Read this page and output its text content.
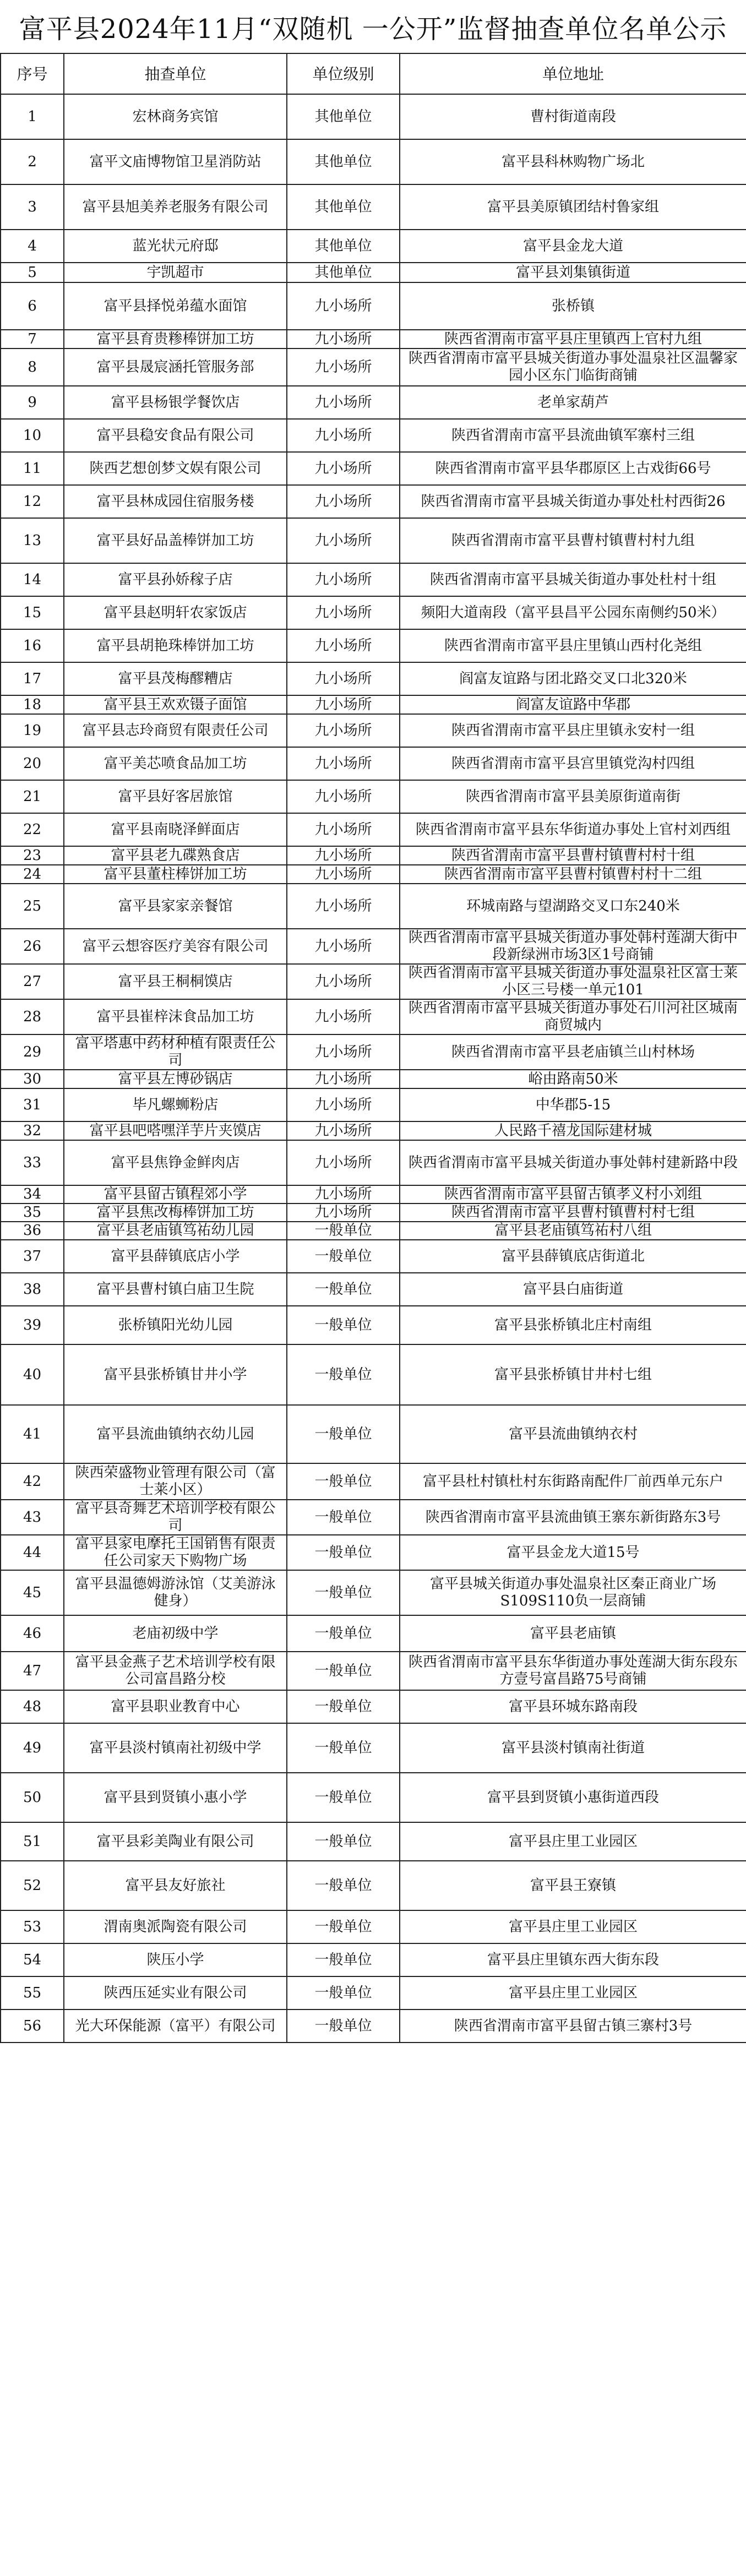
富平县2024年11月“双随机 一公开”监督抽查单位名单公示
序号	抽查单位	单位级别	单位地址
1	宏林商务宾馆	其他单位	曹村街道南段
2	富平文庙博物馆卫星消防站	其他单位	富平县科林购物广场北
3	富平县旭美养老服务有限公司	其他单位	富平县美原镇团结村鲁家组
4	蓝光状元府邸	其他单位	富平县金龙大道
5	宇凯超市	其他单位	富平县刘集镇街道
6	富平县择悦弟蕴水面馆	九小场所	张桥镇
7	富平县育贵糁棒饼加工坊	九小场所	陕西省渭南市富平县庄里镇西上官村九组
8	富平县晟宸涵托管服务部	九小场所	陕西省渭南市富平县城关街道办事处温泉社区温馨家园小区东门临街商铺
9	富平县杨银学餐饮店	九小场所	老单家葫芦
10	富平县稳安食品有限公司	九小场所	陕西省渭南市富平县流曲镇军寨村三组
11	陕西艺想创梦文娱有限公司	九小场所	陕西省渭南市富平县华郡原区上古戏街66号
12	富平县林成园住宿服务楼	九小场所	陕西省渭南市富平县城关街道办事处杜村西街26
13	富平县好品盖棒饼加工坊	九小场所	陕西省渭南市富平县曹村镇曹村村九组
14	富平县孙娇稼子店	九小场所	陕西省渭南市富平县城关街道办事处杜村十组
15	富平县赵明轩农家饭店	九小场所	频阳大道南段（富平县昌平公园东南侧约50米）
16	富平县胡艳珠棒饼加工坊	九小场所	陕西省渭南市富平县庄里镇山西村化尧组
17	富平县茂梅醪糟店	九小场所	阎富友谊路与团北路交叉口北320米
18	富平县王欢欢镊子面馆	九小场所	阎富友谊路中华郡
19	富平县志玲商贸有限责任公司	九小场所	陕西省渭南市富平县庄里镇永安村一组
20	富平美芯喷食品加工坊	九小场所	陕西省渭南市富平县宫里镇党沟村四组
21	富平县好客居旅馆	九小场所	陕西省渭南市富平县美原街道南街
22	富平县南晓泽鲜面店	九小场所	陕西省渭南市富平县东华街道办事处上官村刘西组
23	富平县老九碟熟食店	九小场所	陕西省渭南市富平县曹村镇曹村村十组
24	富平县董柱棒饼加工坊	九小场所	陕西省渭南市富平县曹村镇曹村村十二组
25	富平县家家亲餐馆	九小场所	环城南路与望湖路交叉口东240米
26	富平云想容医疗美容有限公司	九小场所	陕西省渭南市富平县城关街道办事处韩村莲湖大街中段新绿洲市场3区1号商铺
27	富平县王桐桐馍店	九小场所	陕西省渭南市富平县城关街道办事处温泉社区富士莱小区三号楼一单元101
28	富平县崔梓沫食品加工坊	九小场所	陕西省渭南市富平县城关街道办事处石川河社区城南商贸城内
29	富平塔惠中药材种植有限责任公司	九小场所	陕西省渭南市富平县老庙镇兰山村林场
30	富平县左博砂锅店	九小场所	峪由路南50米
31	毕凡螺蛳粉店	九小场所	中华郡5-15
32	富平县吧嗒嘿洋芋片夹馍店	九小场所	人民路千禧龙国际建材城
33	富平县焦铮金鲜肉店	九小场所	陕西省渭南市富平县城关街道办事处韩村建新路中段
34	富平县留古镇程郊小学	九小场所	陕西省渭南市富平县留古镇孝义村小刘组
35	富平县焦改梅棒饼加工坊	九小场所	陕西省渭南市富平县曹村镇曹村村七组
36	富平县老庙镇笃祐幼儿园	一般单位	富平县老庙镇笃祐村八组
37	富平县薛镇底店小学	一般单位	富平县薛镇底店街道北
38	富平县曹村镇白庙卫生院	一般单位	富平县白庙街道
39	张桥镇阳光幼儿园	一般单位	富平县张桥镇北庄村南组
40	富平县张桥镇甘井小学	一般单位	富平县张桥镇甘井村七组
41	富平县流曲镇纳衣幼儿园	一般单位	富平县流曲镇纳衣村
42	陕西荣盛物业管理有限公司（富士莱小区）	一般单位	富平县杜村镇杜村东街路南配件厂前西单元东户
43	富平县奇舞艺术培训学校有限公司	一般单位	陕西省渭南市富平县流曲镇王寨东新街路东3号
44	富平县家电摩托王国销售有限责任公司家天下购物广场	一般单位	富平县金龙大道15号
45	富平县温德姆游泳馆（艾美游泳健身）	一般单位	富平县城关街道办事处温泉社区秦正商业广场S109S110负一层商铺
46	老庙初级中学	一般单位	富平县老庙镇
47	富平县金燕子艺术培训学校有限公司富昌路分校	一般单位	陕西省渭南市富平县东华街道办事处莲湖大街东段东方壹号富昌路75号商铺
48	富平县职业教育中心	一般单位	富平县环城东路南段
49	富平县淡村镇南社初级中学	一般单位	富平县淡村镇南社街道
50	富平县到贤镇小惠小学	一般单位	富平县到贤镇小惠街道西段
51	富平县彩美陶业有限公司	一般单位	富平县庄里工业园区
52	富平县友好旅社	一般单位	富平县王寮镇
53	渭南奥派陶瓷有限公司	一般单位	富平县庄里工业园区
54	陕压小学	一般单位	富平县庄里镇东西大街东段
55	陕西压延实业有限公司	一般单位	富平县庄里工业园区
56	光大环保能源（富平）有限公司	一般单位	陕西省渭南市富平县留古镇三寨村3号
